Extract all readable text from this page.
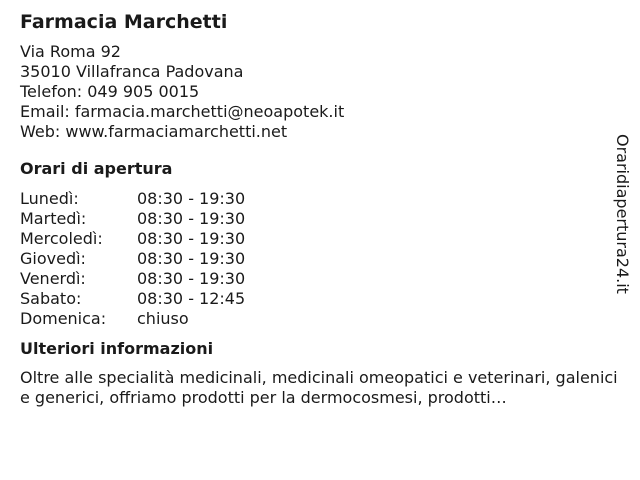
Farmacia Marchetti
Via Roma 92
35010 Villafranca Padovana
Telefon: 049 905 0015
Email: farmacia.marchetti@neoapotek.it
Web: www.farmaciamarchetti.net
Orari di apertura
Lunedì:	08:30 - 19:30
Martedì:	08:30 - 19:30
Mercoledì:	08:30 - 19:30
Giovedì:	08:30 - 19:30
Venerdì:	08:30 - 19:30
Sabato:	08:30 - 12:45
Domenica:	chiuso
Ulteriori informazioni
Oltre alle specialità medicinali, medicinali omeopatici e veterinari, galenici e generici, offriamo prodotti per la dermocosmesi, prodotti…
Oraridiapertura24.it
